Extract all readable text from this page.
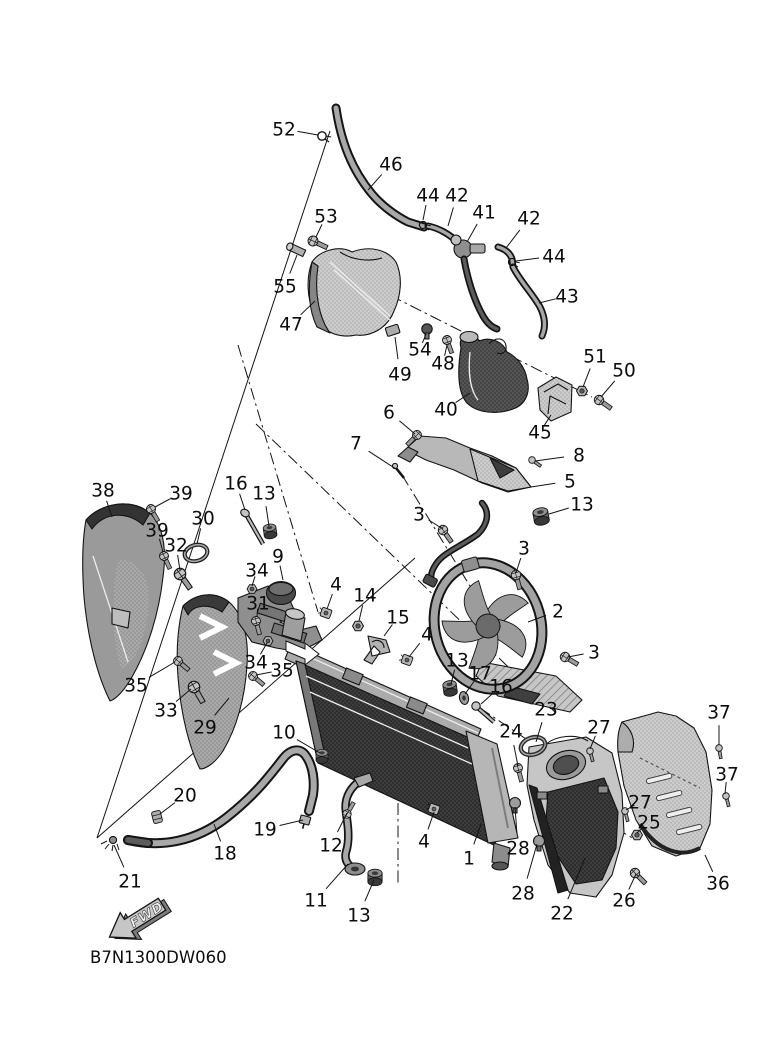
FWD
B7N1300DW060
52
46
44 42
41 42
44
43
53
55
47
54
49
48
40
45
51
50
6
7
8
5
13
3
3
2
3
13
17
16
38	39
39
30
32
16 13
9
34
31
4
14
15
4
34 35
35
33
29	10
23
24	27
37
37
20
19
12
18
21
11
13
4
1 28
28
22
27
25
26
36
